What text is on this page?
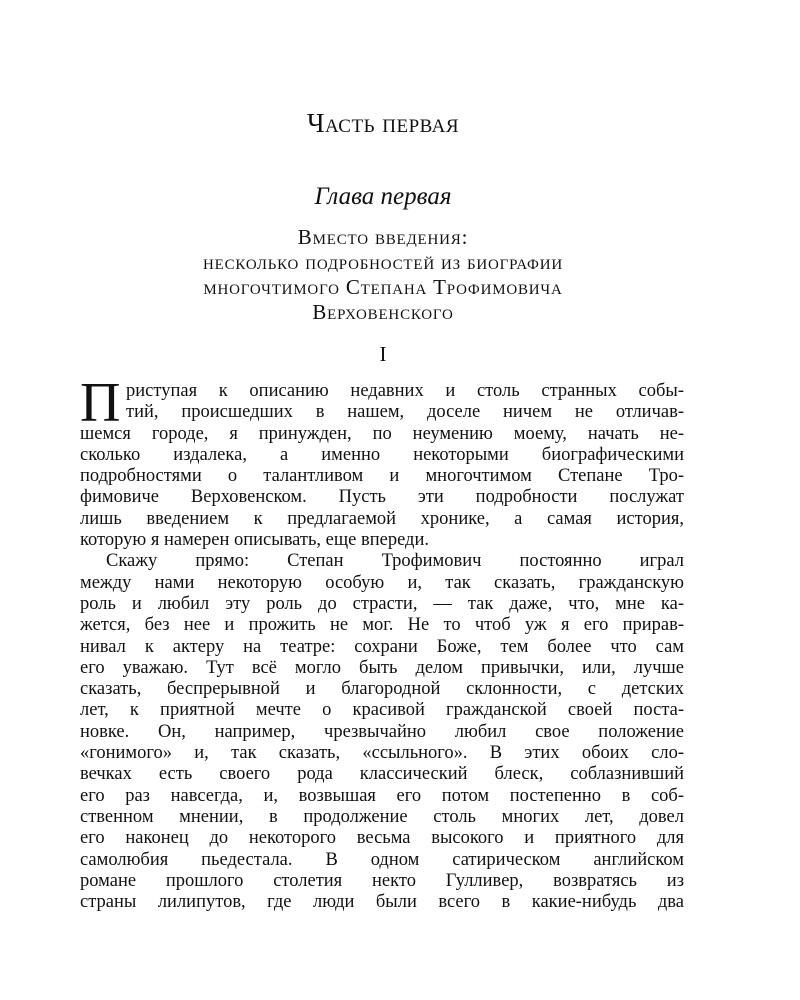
Часть первая
Глава первая
Вместо введения:
несколько подробностей из биографии
многочтимого Степана Трофимовича
Верховенского
I
П риступая к описанию недавних и столь странных собы-
тий, происшедших в нашем, доселе ничем не отличав-
шемся городе, я принужден, по неумению моему, начать не-
сколько издалека, а именно некоторыми биографическими
подробностями о талантливом и многочтимом Степане Тро-
фимовиче Верховенском. Пусть эти подробности послужат
лишь введением к предлагаемой хронике, а самая история,
которую я намерен описывать, еще впереди.
Скажу прямо: Степан Трофимович постоянно играл
между нами некоторую особую и, так сказать, гражданскую
роль и любил эту роль до страсти, — так даже, что, мне ка-
жется, без нее и прожить не мог. Не то чтоб уж я его прирав-
нивал к актеру на театре: сохрани Боже, тем более что сам
его уважаю. Тут всё могло быть делом привычки, или, лучше
сказать, беспрерывной и благородной склонности, с детских
лет, к приятной мечте о красивой гражданской своей поста-
новке. Он, например, чрезвычайно любил свое положение
«гонимого» и, так сказать, «ссыльного». В этих обоих сло-
вечках есть своего рода классический блеск, соблазнивший
его раз навсегда, и, возвышая его потом постепенно в соб-
ственном мнении, в продолжение столь многих лет, довел
его наконец до некоторого весьма высокого и приятного для
самолюбия пьедестала. В одном сатирическом английском
романе прошлого столетия некто Гулливер, возвратясь из
страны лилипутов, где люди были всего в какие-нибудь два
